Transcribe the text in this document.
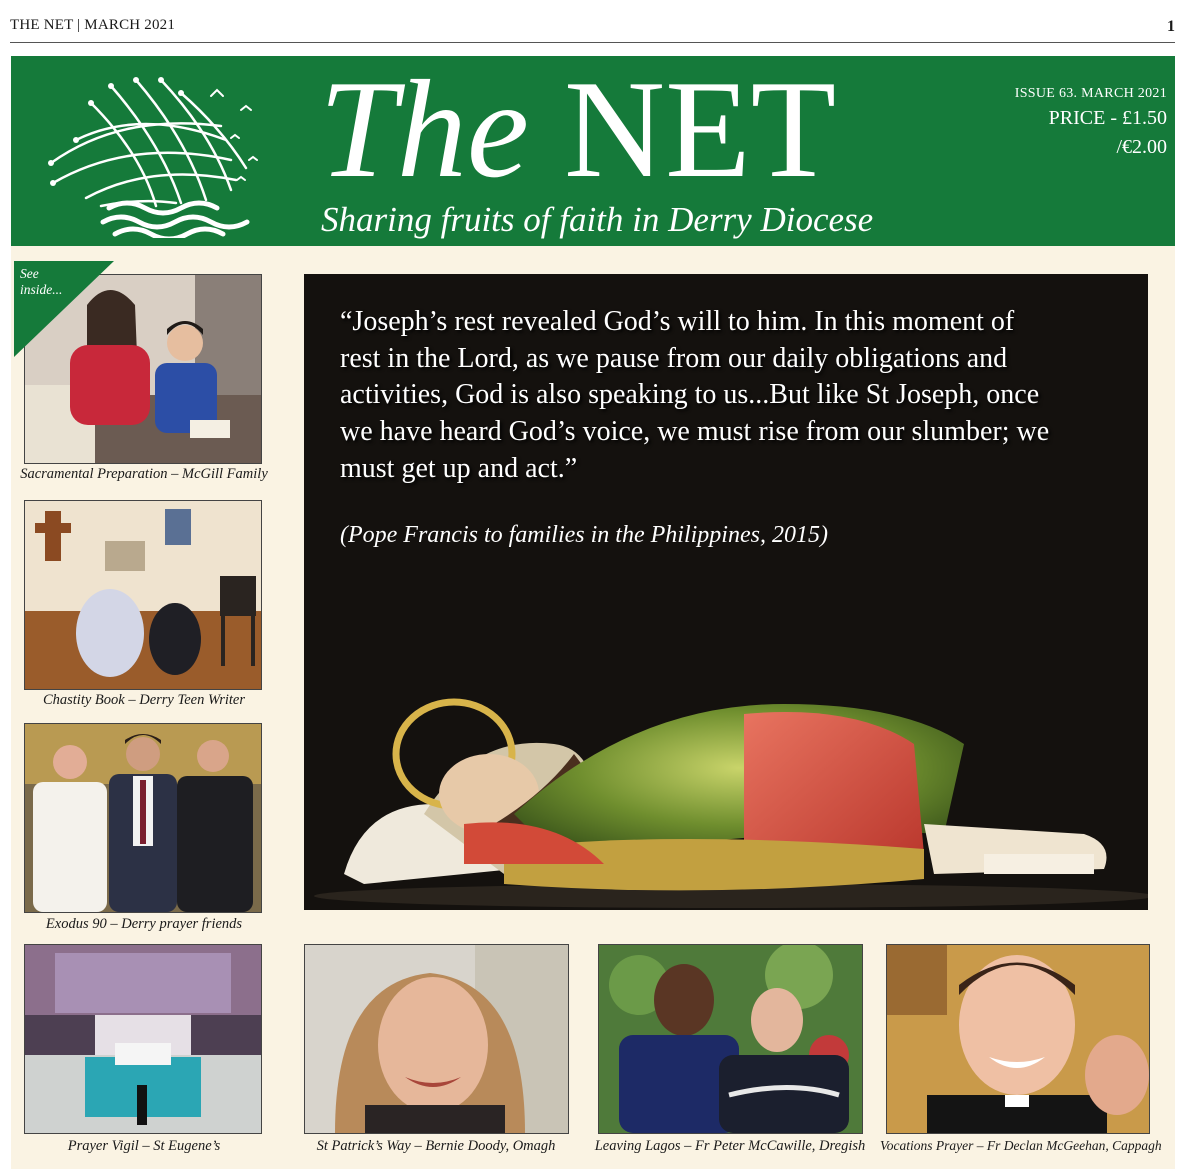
THE NET | MARCH 2021	1
The NET
Sharing fruits of faith in Derry Diocese
ISSUE 63. MARCH 2021
PRICE - £1.50
/€2.00
Sacramental Preparation – McGill Family
Chastity Book – Derry Teen Writer
Exodus 90 – Derry prayer friends
See inside...
“Joseph’s rest revealed God’s will to him. In this moment of rest in the Lord, as we pause from our daily obligations and activities, God is also speaking to us...But like St Joseph, once we have heard God’s voice, we must rise from our slumber; we must get up and act.”
(Pope Francis to families in the Philippines, 2015)
Prayer Vigil – St Eugene’s	St Patrick’s Way – Bernie Doody, Omagh	Leaving Lagos – Fr Peter McCawille, Dregish Vocations Prayer – Fr Declan McGeehan, Cappagh
